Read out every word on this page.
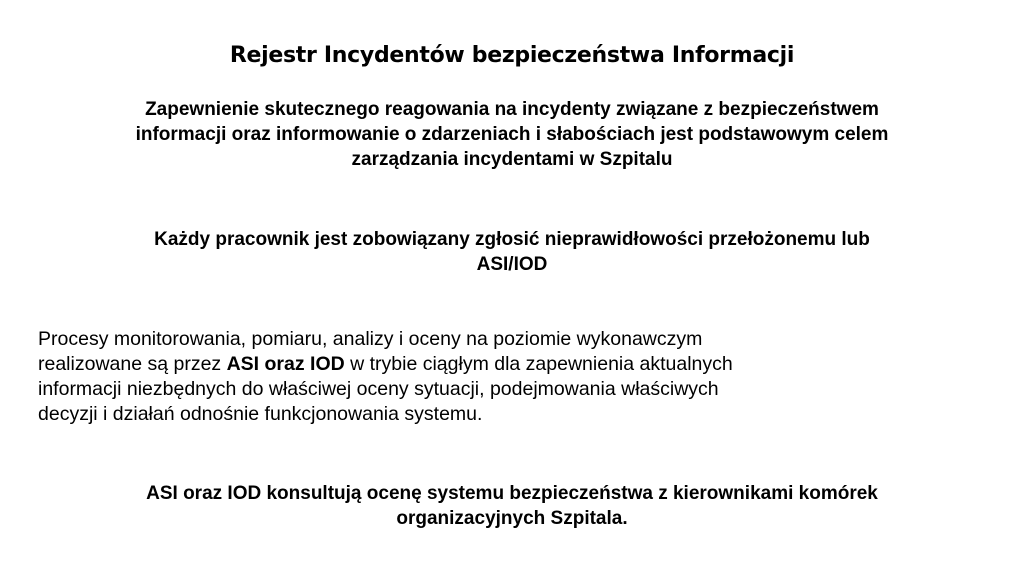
Rejestr Incydentów bezpieczeństwa Informacji
Zapewnienie skutecznego reagowania na incydenty związane z bezpieczeństwem
informacji oraz informowanie o zdarzeniach i słabościach jest podstawowym celem
zarządzania incydentami w Szpitalu
Każdy pracownik jest zobowiązany zgłosić nieprawidłowości przełożonemu lub
ASI/IOD
Procesy monitorowania, pomiaru, analizy i oceny na poziomie wykonawczym
realizowane są przez ASI oraz IOD w trybie ciągłym dla zapewnienia aktualnych
informacji niezbędnych do właściwej oceny sytuacji, podejmowania właściwych
decyzji i działań odnośnie funkcjonowania systemu.
ASI oraz IOD konsultują ocenę systemu bezpieczeństwa z kierownikami komórek
organizacyjnych Szpitala.
